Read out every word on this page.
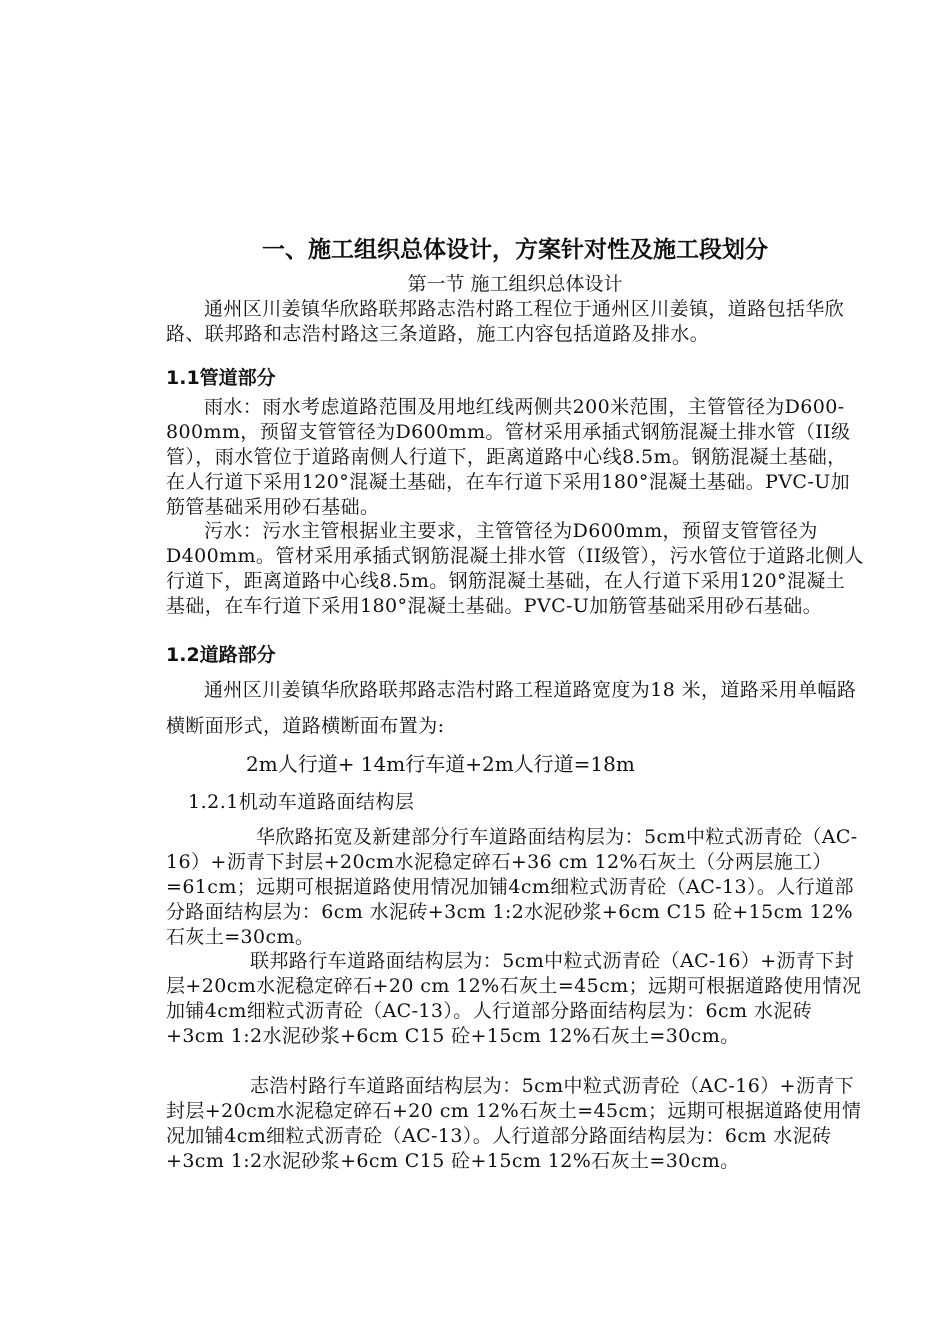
一、施工组织总体设计，方案针对性及施工段划分
第一节 施工组织总体设计
通州区川姜镇华欣路联邦路志浩村路工程位于通州区川姜镇，道路包括华欣路、联邦路和志浩村路这三条道路，施工内容包括道路及排水。
1.1管道部分
雨水：雨水考虑道路范围及用地红线两侧共200米范围，主管管径为D600-800mm，预留支管管径为D600mm。管材采用承插式钢筋混凝土排水管（II级管），雨水管位于道路南侧人行道下，距离道路中心线8.5m。钢筋混凝土基础，在人行道下采用120°混凝土基础，在车行道下采用180°混凝土基础。PVC-U加筋管基础采用砂石基础。
污水：污水主管根据业主要求，主管管径为D600mm，预留支管管径为D400mm。管材采用承插式钢筋混凝土排水管（II级管），污水管位于道路北侧人行道下，距离道路中心线8.5m。钢筋混凝土基础，在人行道下采用120°混凝土基础，在车行道下采用180°混凝土基础。PVC-U加筋管基础采用砂石基础。
1.2道路部分
通州区川姜镇华欣路联邦路志浩村路工程道路宽度为18 米，道路采用单幅路横断面形式，道路横断面布置为:
2m人行道+ 14m行车道+2m人行道=18m
1.2.1机动车道路面结构层
华欣路拓宽及新建部分行车道路面结构层为：5cm中粒式沥青砼（AC-16）+沥青下封层+20cm水泥稳定碎石+36 cm 12%石灰土（分两层施工）=61cm；远期可根据道路使用情况加铺4cm细粒式沥青砼（AC-13）。人行道部分路面结构层为：6cm 水泥砖+3cm 1:2水泥砂浆+6cm C15 砼+15cm 12%石灰土=30cm。
联邦路行车道路面结构层为：5cm中粒式沥青砼（AC-16）+沥青下封层+20cm水泥稳定碎石+20 cm 12%石灰土=45cm；远期可根据道路使用情况加铺4cm细粒式沥青砼（AC-13）。人行道部分路面结构层为：6cm 水泥砖+3cm 1:2水泥砂浆+6cm C15 砼+15cm 12%石灰土=30cm。
志浩村路行车道路面结构层为：5cm中粒式沥青砼（AC-16）+沥青下封层+20cm水泥稳定碎石+20 cm 12%石灰土=45cm；远期可根据道路使用情况加铺4cm细粒式沥青砼（AC-13）。人行道部分路面结构层为：6cm 水泥砖+3cm 1:2水泥砂浆+6cm C15 砼+15cm 12%石灰土=30cm。
